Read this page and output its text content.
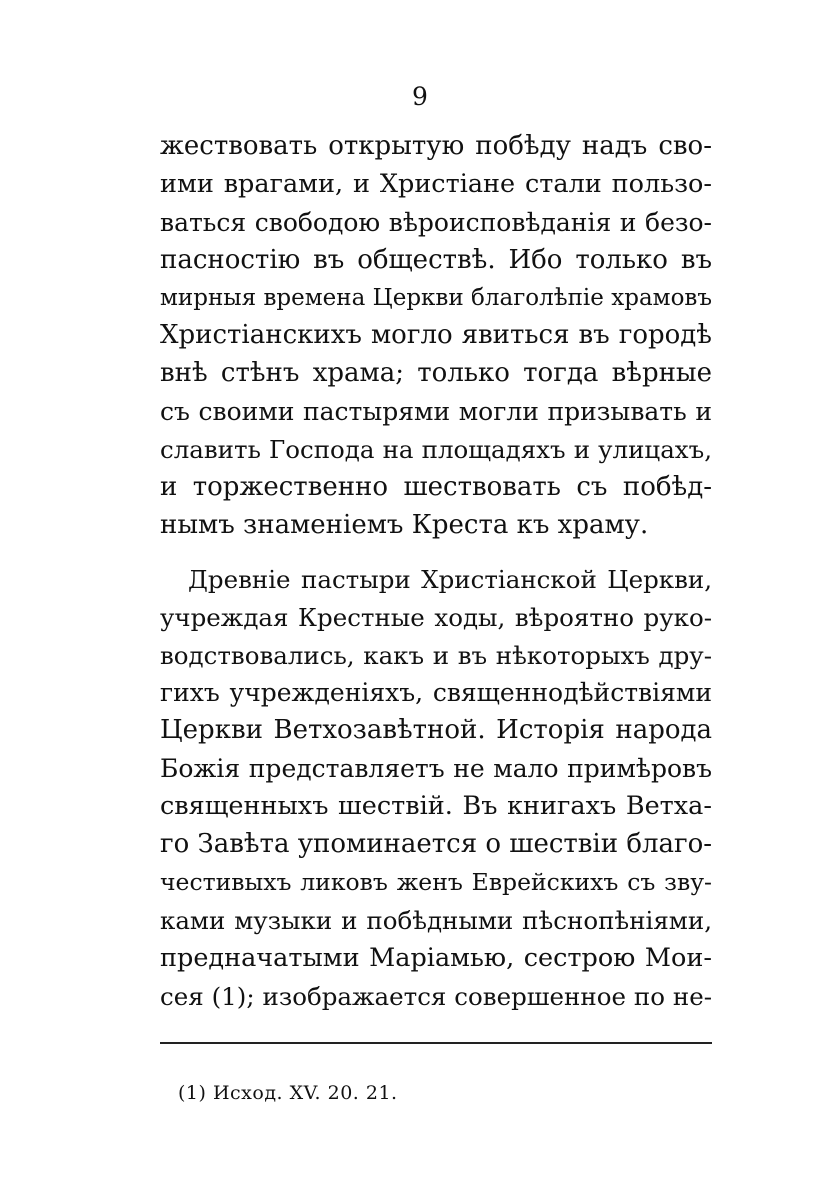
9
жествовать открытую побѣду надъ сво-
ими врагами, и Христіане стали пользо-
ваться свободою вѣроисповѣданія и безо-
пасностію въ обществѣ. Ибо только въ
мирныя времена Церкви благолѣпіе храмовъ
Христіанскихъ могло явиться въ городѣ
внѣ стѣнъ храма; только тогда вѣрные
съ своими пастырями могли призывать и
славить Господа на площадяхъ и улицахъ,
и торжественно шествовать съ побѣд-
нымъ знаменіемъ Креста къ храму.
Древніе пастыри Христіанской Церкви,
учреждая Крестные ходы, вѣроятно руко-
водствовались, какъ и въ нѣкоторыхъ дру-
гихъ учрежденіяхъ, священнодѣйствіями
Церкви Ветхозавѣтной. Исторія народа
Божія представляетъ не мало примѣровъ
священныхъ шествій. Въ книгахъ Ветха-
го Завѣта упоминается о шествіи благо-
честивыхъ ликовъ женъ Еврейскихъ съ зву-
ками музыки и побѣдными пѣснопѣніями,
предначатыми Маріамью, сестрою Мои-
сея (1); изображается совершенное по не-
(1) Исход. XV. 20. 21.
